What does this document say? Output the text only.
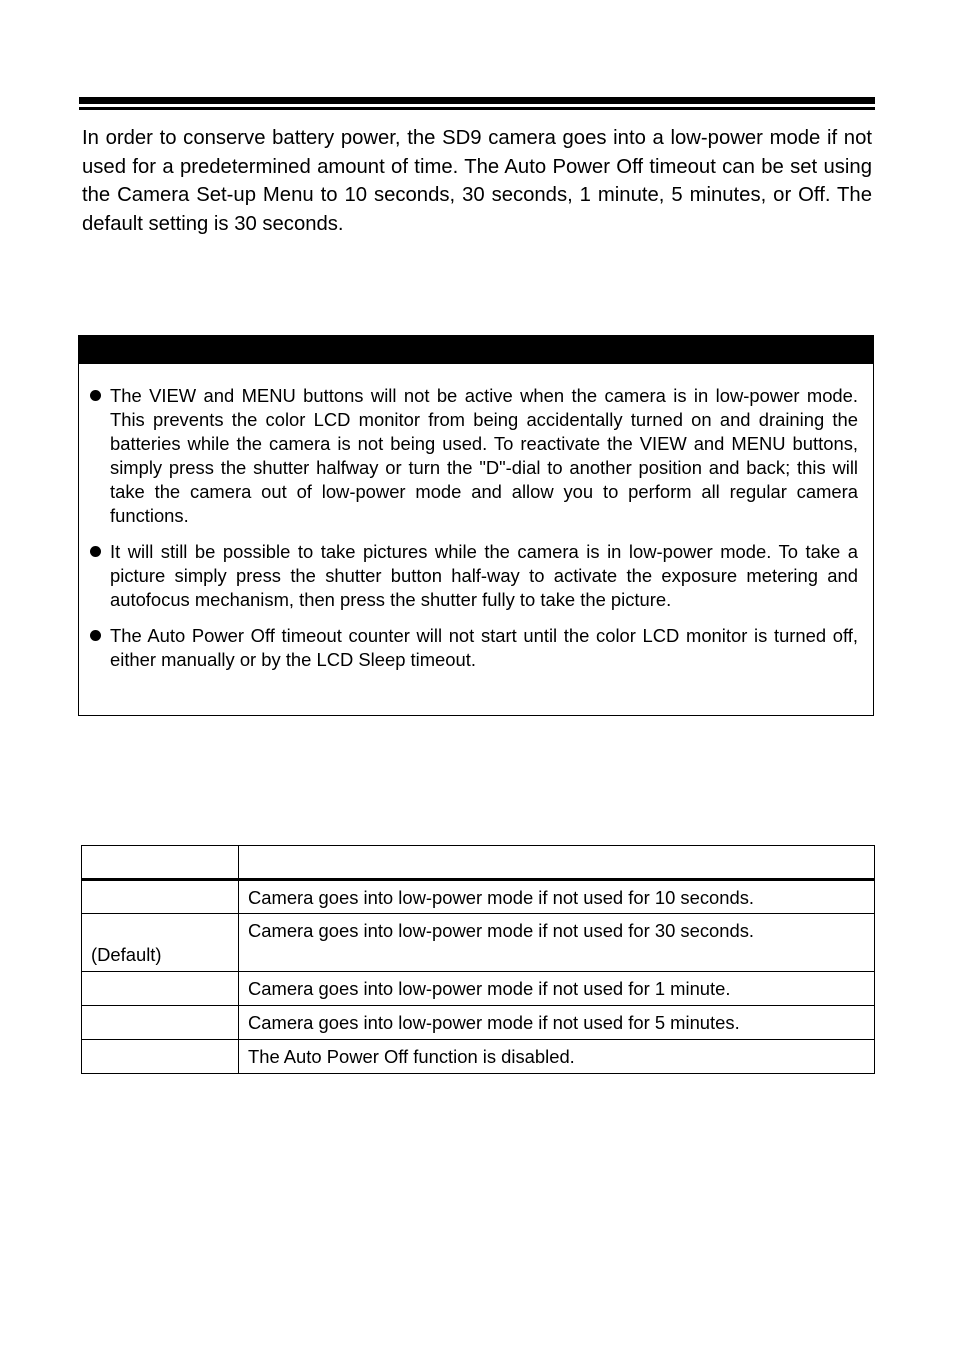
In order to conserve battery power, the SD9 camera goes into a low-power mode if not used for a predetermined amount of time. The Auto Power Off timeout can be set using the Camera Set-up Menu to 10 seconds, 30 seconds, 1 minute, 5 minutes, or Off. The default setting is 30 seconds.

The VIEW and MENU buttons will not be active when the camera is in low-power mode. This prevents the color LCD monitor from being accidentally turned on and draining the batteries while the camera is not being used. To reactivate the VIEW and MENU buttons, simply press the shutter halfway or turn the "D"-dial to another position and back; this will take the camera out of low-power mode and allow you to perform all regular camera functions.
It will still be possible to take pictures while the camera is in low-power mode. To take a picture simply press the shutter button half-way to activate the exposure metering and autofocus mechanism, then press the shutter fully to take the picture.
The Auto Power Off timeout counter will not start until the color LCD monitor is turned off, either manually or by the LCD Sleep timeout.

	Camera goes into low-power mode if not used for 10 seconds.
(Default)	Camera goes into low-power mode if not used for 30 seconds.
	Camera goes into low-power mode if not used for 1 minute.
	Camera goes into low-power mode if not used for 5 minutes.
	The Auto Power Off function is disabled.
